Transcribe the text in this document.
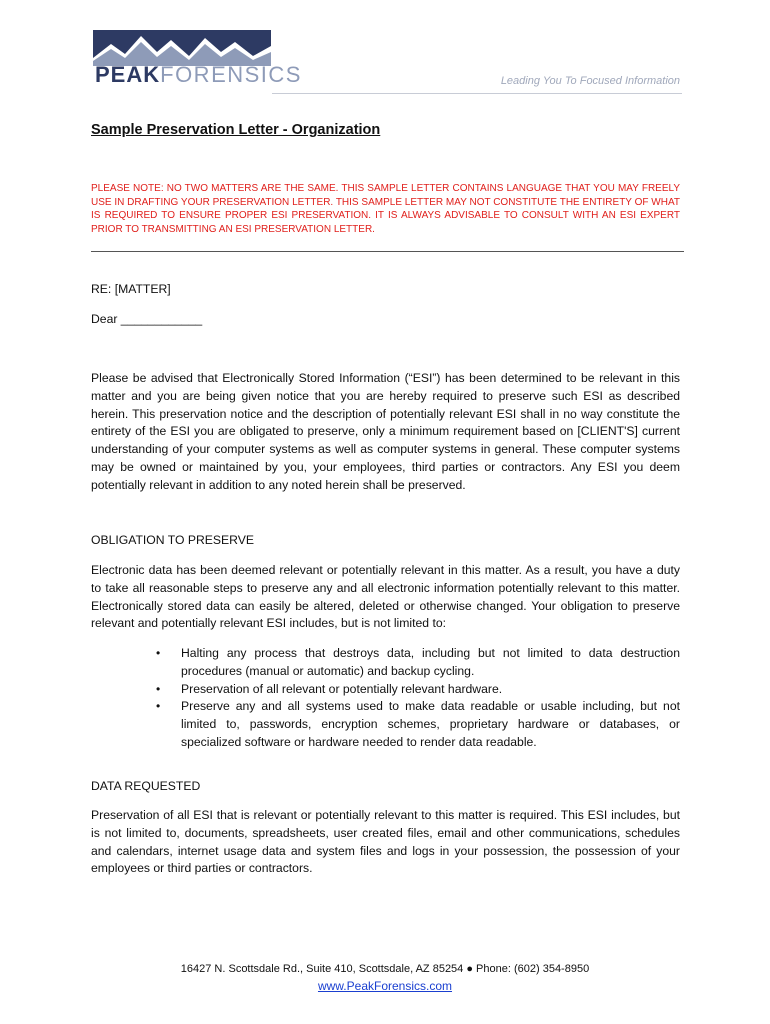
PEAKFORENSICS	Leading You To Focused Information
Sample Preservation Letter - Organization

PLEASE NOTE: NO TWO MATTERS ARE THE SAME. THIS SAMPLE LETTER CONTAINS LANGUAGE THAT YOU MAY FREELY USE IN DRAFTING YOUR PRESERVATION LETTER. THIS SAMPLE LETTER MAY NOT CONSTITUTE THE ENTIRETY OF WHAT IS REQUIRED TO ENSURE PROPER ESI PRESERVATION. IT IS ALWAYS ADVISABLE TO CONSULT WITH AN ESI EXPERT PRIOR TO TRANSMITTING AN ESI PRESERVATION LETTER.

RE: [MATTER]

Dear ____________

Please be advised that Electronically Stored Information (“ESI”) has been determined to be relevant in this matter and you are being given notice that you are hereby required to preserve such ESI as described herein. This preservation notice and the description of potentially relevant ESI shall in no way constitute the entirety of the ESI you are obligated to preserve, only a minimum requirement based on [CLIENT'S] current understanding of your computer systems as well as computer systems in general. These computer systems may be owned or maintained by you, your employees, third parties or contractors. Any ESI you deem potentially relevant in addition to any noted herein shall be preserved.

OBLIGATION TO PRESERVE

Electronic data has been deemed relevant or potentially relevant in this matter. As a result, you have a duty to take all reasonable steps to preserve any and all electronic information potentially relevant to this matter. Electronically stored data can easily be altered, deleted or otherwise changed. Your obligation to preserve relevant and potentially relevant ESI includes, but is not limited to:

• Halting any process that destroys data, including but not limited to data destruction procedures (manual or automatic) and backup cycling.
• Preservation of all relevant or potentially relevant hardware.
• Preserve any and all systems used to make data readable or usable including, but not limited to, passwords, encryption schemes, proprietary hardware or databases, or specialized software or hardware needed to render data readable.

DATA REQUESTED

Preservation of all ESI that is relevant or potentially relevant to this matter is required. This ESI includes, but is not limited to, documents, spreadsheets, user created files, email and other communications, schedules and calendars, internet usage data and system files and logs in your possession, the possession of your employees or third parties or contractors.

16427 N. Scottsdale Rd., Suite 410, Scottsdale, AZ 85254 ● Phone: (602) 354-8950
www.PeakForensics.com
